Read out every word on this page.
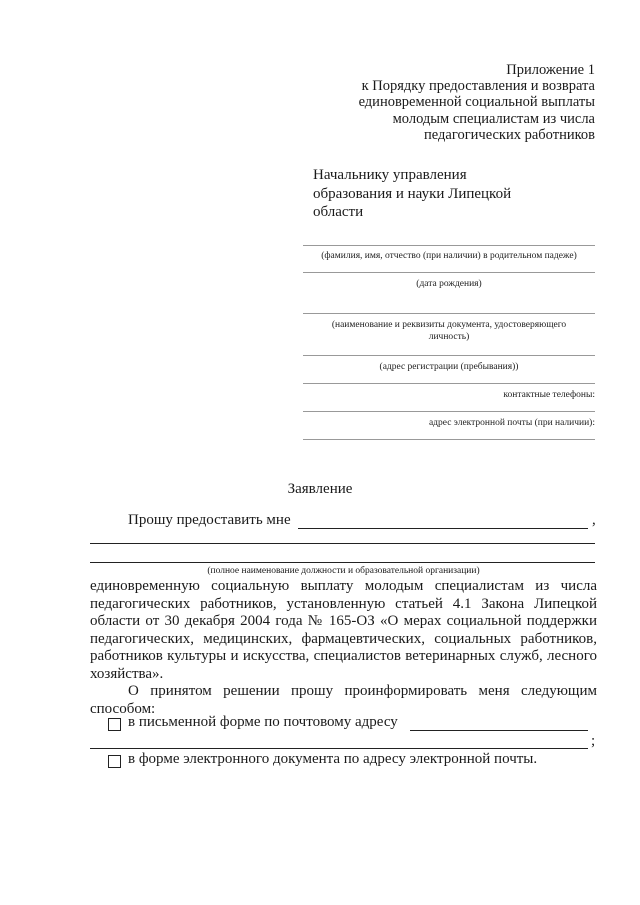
Приложение 1
к Порядку предоставления и возврата
единовременной социальной выплаты
молодым специалистам из числа
педагогических работников
Начальнику управления
образования и науки Липецкой
области
(фамилия, имя, отчество (при наличии) в родительном падеже)
(дата рождения)
(наименование и реквизиты документа, удостоверяющего личность)
(адрес регистрации (пребывания))
контактные телефоны:
адрес электронной почты (при наличии):
Заявление
Прошу предоставить мне	,
(полное наименование должности и образовательной организации)
единовременную социальную выплату молодым специалистам из числа педагогических работников, установленную статьей 4.1 Закона Липецкой области от 30 декабря 2004 года № 165-ОЗ «О мерах социальной поддержки педагогических, медицинских, фармацевтических, социальных работников, работников культуры и искусства, специалистов ветеринарных служб, лесного хозяйства».
О принятом решении прошу проинформировать меня следующим способом:
в письменной форме по почтовому адресу
;
в форме электронного документа по адресу электронной почты.
